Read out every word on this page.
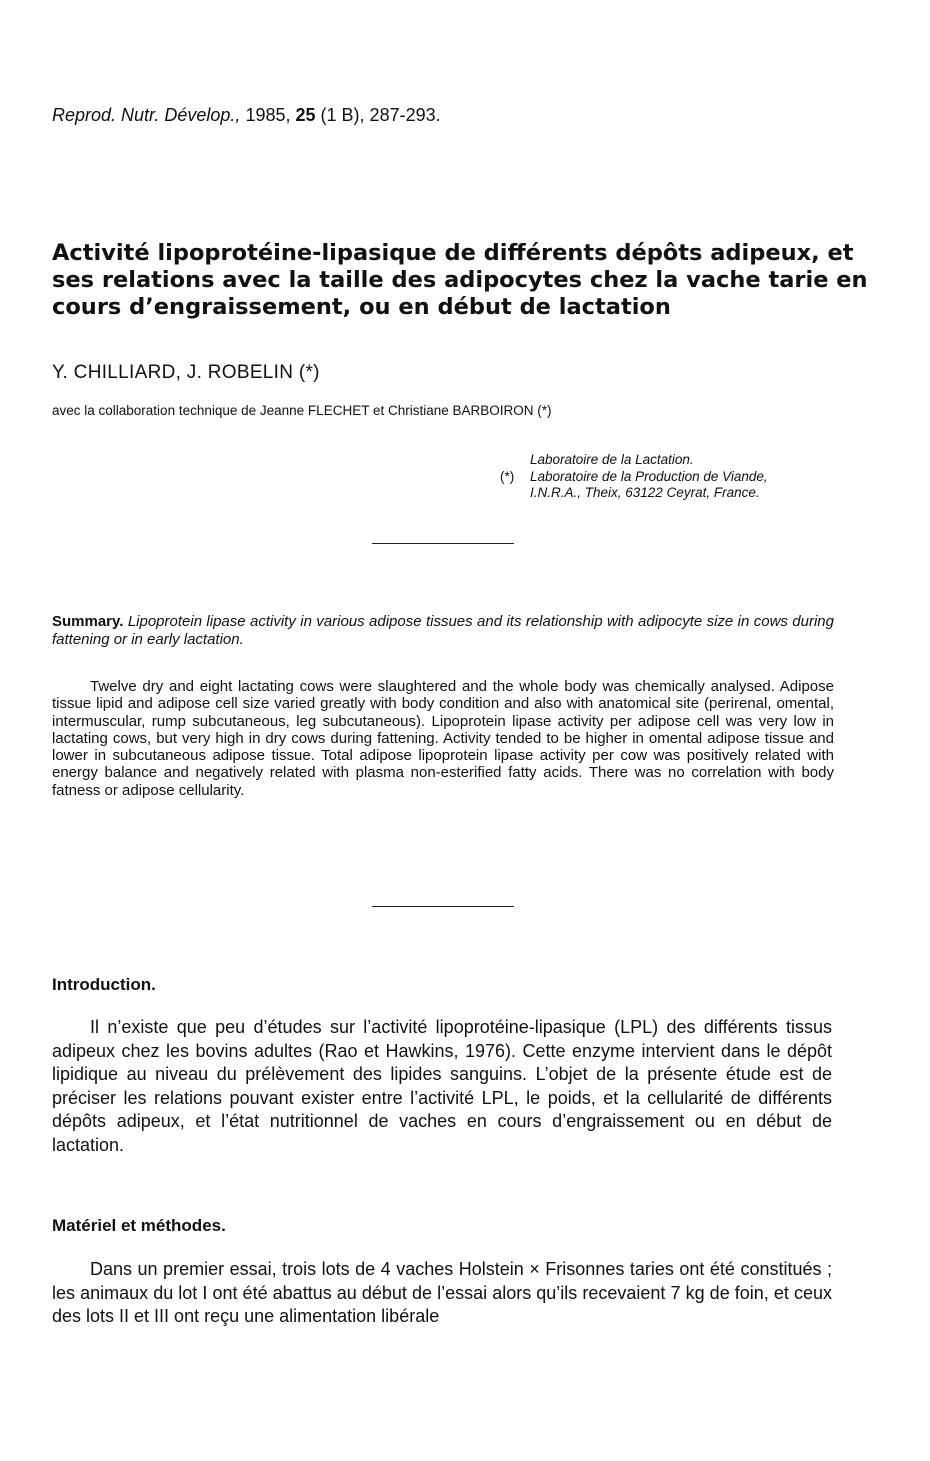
Reprod. Nutr. Dévelop., 1985, 25 (1 B), 287-293.
Activité lipoprotéine-lipasique de différents dépôts adipeux, et ses relations avec la taille des adipocytes chez la vache tarie en cours d’engraissement, ou en début de lactation
Y. CHILLIARD, J. ROBELIN (*)
avec la collaboration technique de Jeanne FLECHET et Christiane BARBOIRON (*)
Laboratoire de la Lactation.
(*) Laboratoire de la Production de Viande,
I.N.R.A., Theix, 63122 Ceyrat, France.
Summary. Lipoprotein lipase activity in various adipose tissues and its relationship with adipocyte size in cows during fattening or in early lactation.

Twelve dry and eight lactating cows were slaughtered and the whole body was chemically analysed. Adipose tissue lipid and adipose cell size varied greatly with body condition and also with anatomical site (perirenal, omental, intermuscular, rump subcutaneous, leg subcutaneous). Lipoprotein lipase activity per adipose cell was very low in lactating cows, but very high in dry cows during fattening. Activity tended to be higher in omental adipose tissue and lower in subcutaneous adipose tissue. Total adipose lipoprotein lipase activity per cow was positively related with energy balance and negatively related with plasma non-esterified fatty acids. There was no correlation with body fatness or adipose cellularity.

Introduction.

Il n’existe que peu d’études sur l’activité lipoprotéine-lipasique (LPL) des différents tissus adipeux chez les bovins adultes (Rao et Hawkins, 1976). Cette enzyme intervient dans le dépôt lipidique au niveau du prélèvement des lipides sanguins. L’objet de la présente étude est de préciser les relations pouvant exister entre l’activité LPL, le poids, et la cellularité de différents dépôts adipeux, et l’état nutritionnel de vaches en cours d’engraissement ou en début de lactation.

Matériel et méthodes.

Dans un premier essai, trois lots de 4 vaches Holstein × Frisonnes taries ont été constitués ; les animaux du lot I ont été abattus au début de l’essai alors qu’ils recevaient 7 kg de foin, et ceux des lots II et III ont reçu une alimentation libérale
